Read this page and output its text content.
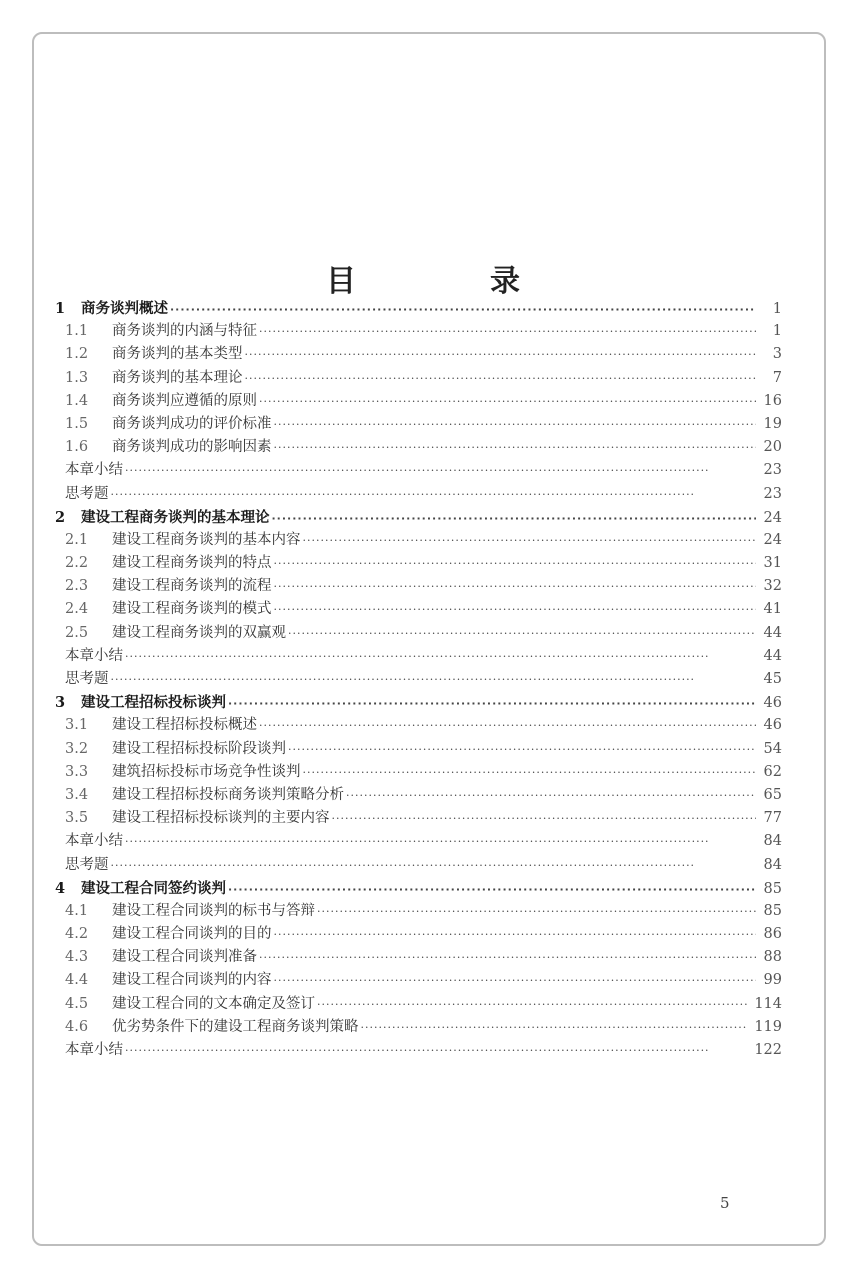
目　录
1	商务谈判概述 ·····	1
1.1	商务谈判的内涵与特征 ·····	1
1.2	商务谈判的基本类型 ·····	3
1.3	商务谈判的基本理论 ·····	7
1.4	商务谈判应遵循的原则 ·····	16
1.5	商务谈判成功的评价标准 ·····	19
1.6	商务谈判成功的影响因素 ·····	20
本章小结 ·····	23
思考题 ·····	23
2	建设工程商务谈判的基本理论 ·····	24
2.1	建设工程商务谈判的基本内容 ·····	24
2.2	建设工程商务谈判的特点 ·····	31
2.3	建设工程商务谈判的流程 ·····	32
2.4	建设工程商务谈判的模式 ·····	41
2.5	建设工程商务谈判的双赢观 ·····	44
本章小结 ·····	44
思考题 ·····	45
3	建设工程招标投标谈判 ·····	46
3.1	建设工程招标投标概述 ·····	46
3.2	建设工程招标投标阶段谈判 ·····	54
3.3	建筑招标投标市场竞争性谈判 ·····	62
3.4	建设工程招标投标商务谈判策略分析 ·····	65
3.5	建设工程招标投标谈判的主要内容 ·····	77
本章小结 ·····	84
思考题 ·····	84
4	建设工程合同签约谈判 ·····	85
4.1	建设工程合同谈判的标书与答辩 ·····	85
4.2	建设工程合同谈判的目的 ·····	86
4.3	建设工程合同谈判准备 ·····	88
4.4	建设工程合同谈判的内容 ·····	99
4.5	建设工程合同的文本确定及签订 ·····	114
4.6	优劣势条件下的建设工程商务谈判策略 ·····	119
本章小结 ·····	122
5
